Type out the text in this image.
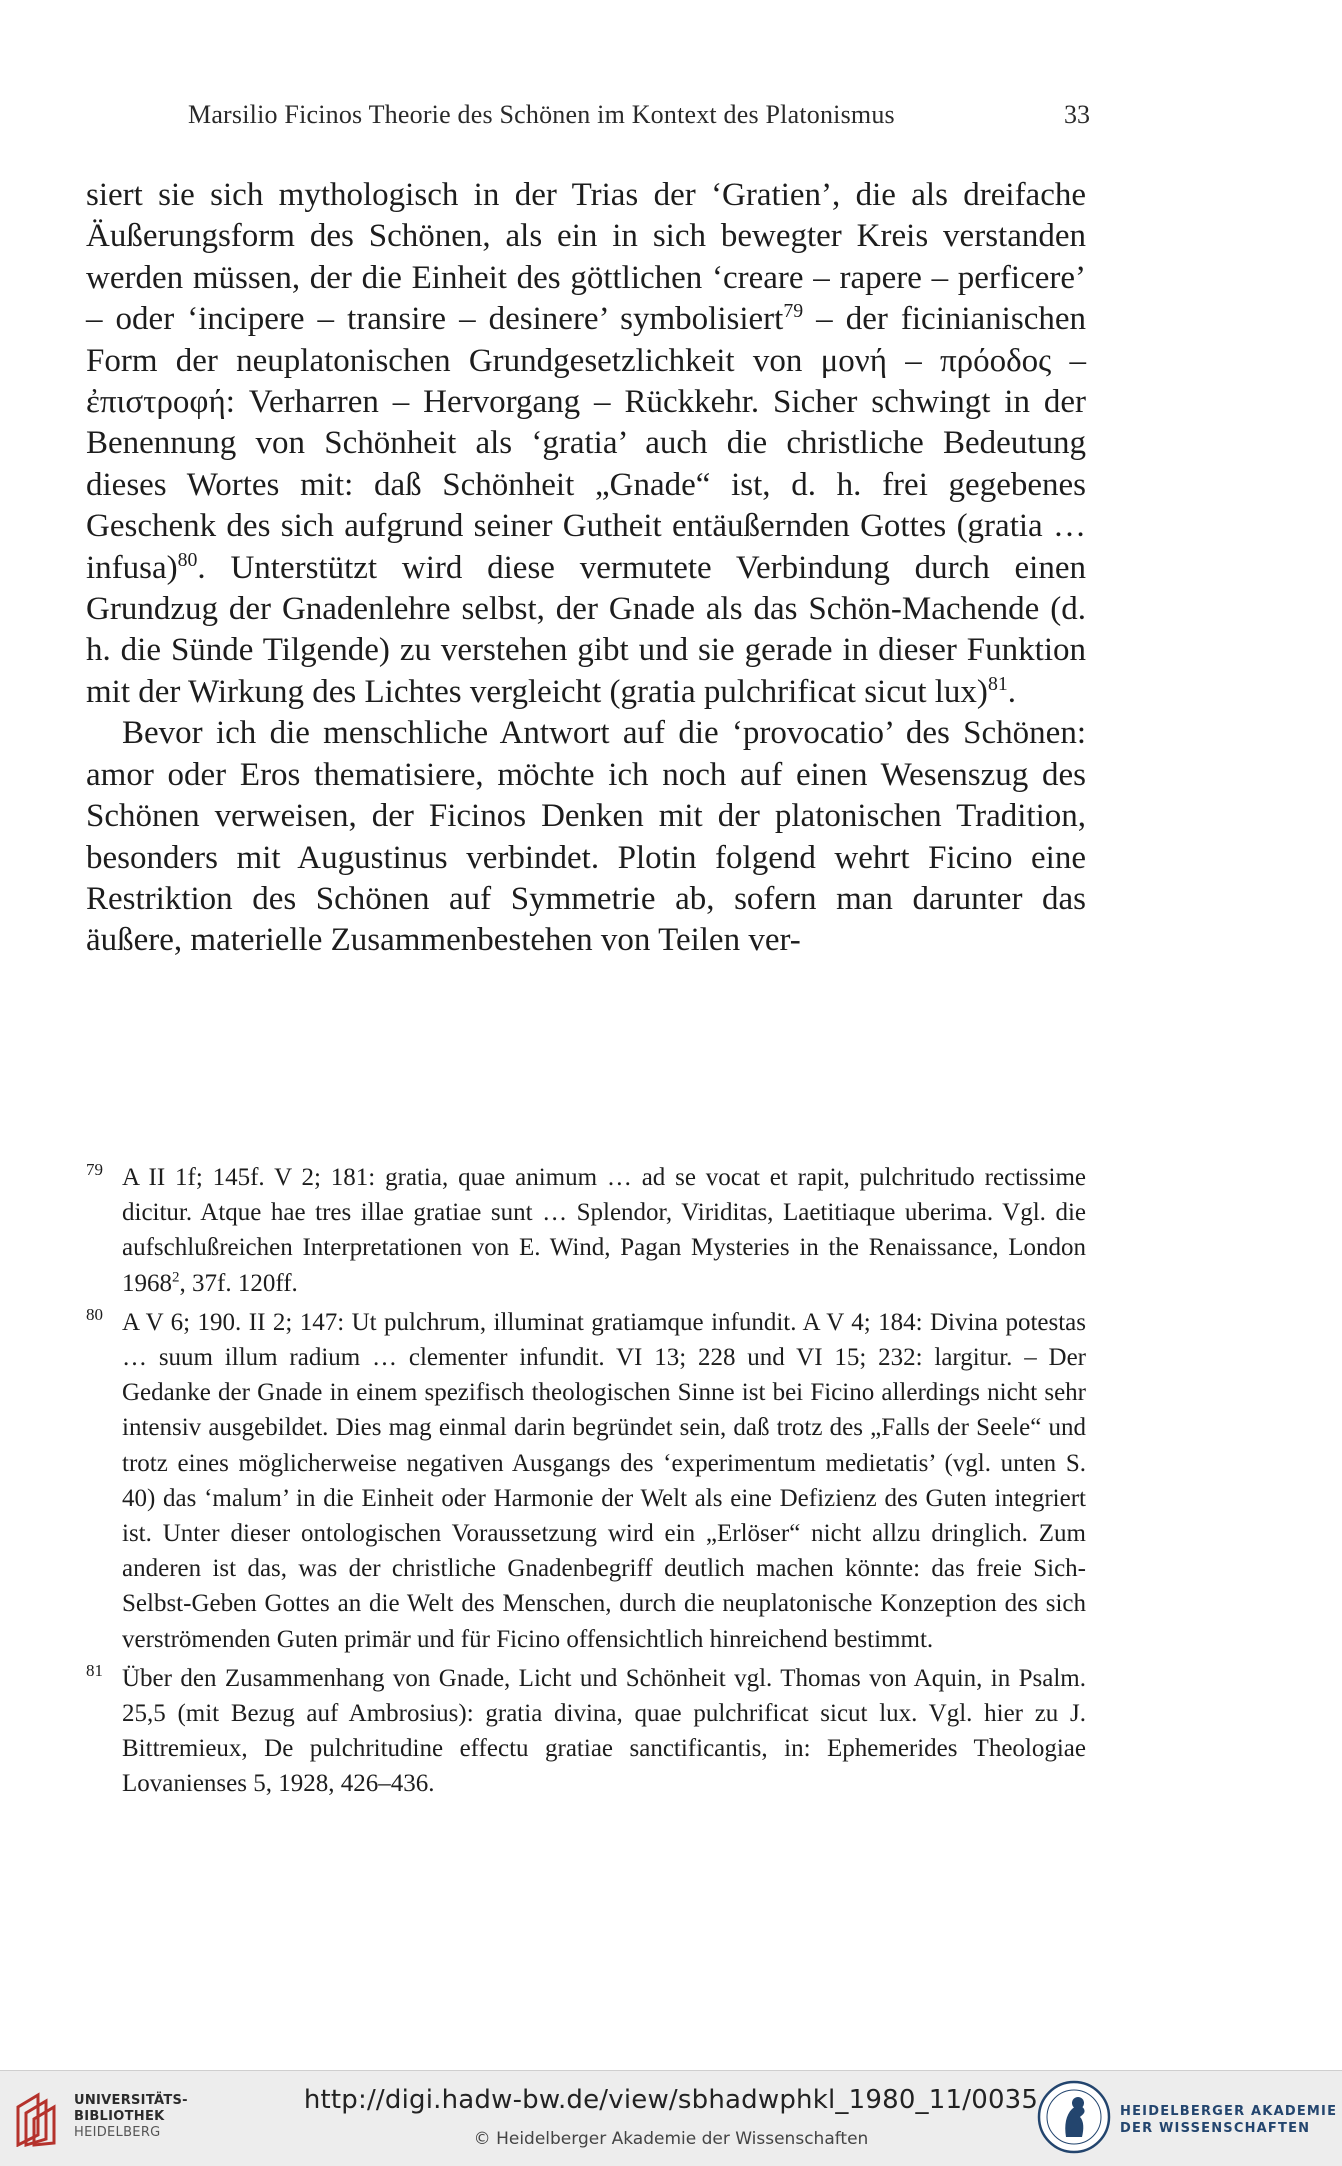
Marsilio Ficinos Theorie des Schönen im Kontext des Platonismus	33

siert sie sich mythologisch in der Trias der ‘Gratien’, die als dreifache Äußerungsform des Schönen, als ein in sich bewegter Kreis verstanden werden müssen, der die Einheit des göttlichen ‘creare – rapere – perficere’ – oder ‘incipere – transire – desinere’ symbolisiert$^{79}$ – der ficinianischen Form der neuplatonischen Grundgesetzlichkeit von μονή – πρόοδος – ἐπιστροφή: Verharren – Hervorgang – Rückkehr. Sicher schwingt in der Benennung von Schönheit als ‘gratia’ auch die christliche Bedeutung dieses Wortes mit: daß Schönheit „Gnade“ ist, d. h. frei gegebenes Geschenk des sich aufgrund seiner Gutheit entäußernden Gottes (gratia … infusa)$^{80}$. Unterstützt wird diese vermutete Verbindung durch einen Grundzug der Gnadenlehre selbst, der Gnade als das Schön-Machende (d. h. die Sünde Tilgende) zu verstehen gibt und sie gerade in dieser Funktion mit der Wirkung des Lichtes vergleicht (gratia pulchrificat sicut lux)$^{81}$.

Bevor ich die menschliche Antwort auf die ‘provocatio’ des Schönen: amor oder Eros thematisiere, möchte ich noch auf einen Wesenszug des Schönen verweisen, der Ficinos Denken mit der platonischen Tradition, besonders mit Augustinus verbindet. Plotin folgend wehrt Ficino eine Restriktion des Schönen auf Symmetrie ab, sofern man darunter das äußere, materielle Zusammenbestehen von Teilen ver-

79 A II 1f; 145f. V 2; 181: gratia, quae animum … ad se vocat et rapit, pulchritudo rectissime dicitur. Atque hae tres illae gratiae sunt … Splendor, Viriditas, Laetitiaque uberima. Vgl. die aufschlußreichen Interpretationen von E. Wind, Pagan Mysteries in the Renaissance, London 1968$^2$, 37f. 120ff.
80 A V 6; 190. II 2; 147: Ut pulchrum, illuminat gratiamque infundit. A V 4; 184: Divina potestas … suum illum radium … clementer infundit. VI 13; 228 und VI 15; 232: largitur. – Der Gedanke der Gnade in einem spezifisch theologischen Sinne ist bei Ficino allerdings nicht sehr intensiv ausgebildet. Dies mag einmal darin begründet sein, daß trotz des „Falls der Seele“ und trotz eines möglicherweise negativen Ausgangs des ‘experimentum medietatis’ (vgl. unten S. 40) das ‘malum’ in die Einheit oder Harmonie der Welt als eine Defizienz des Guten integriert ist. Unter dieser ontologischen Voraussetzung wird ein „Erlöser“ nicht allzu dringlich. Zum anderen ist das, was der christliche Gnadenbegriff deutlich machen könnte: das freie Sich-Selbst-Geben Gottes an die Welt des Menschen, durch die neuplatonische Konzeption des sich verströmenden Guten primär und für Ficino offensichtlich hinreichend bestimmt.
81 Über den Zusammenhang von Gnade, Licht und Schönheit vgl. Thomas von Aquin, in Psalm. 25,5 (mit Bezug auf Ambrosius): gratia divina, quae pulchrificat sicut lux. Vgl. hier zu J. Bittremieux, De pulchritudine effectu gratiae sanctificantis, in: Ephemerides Theologiae Lovanienses 5, 1928, 426–436.
UNIVERSITÄTS-
BIBLIOTHEK
HEIDELBERG
http://digi.hadw-bw.de/view/sbhadwphkl_1980_11/0035
© Heidelberger Akademie der Wissenschaften
HEIDELBERGER AKADEMIE
DER WISSENSCHAFTEN
